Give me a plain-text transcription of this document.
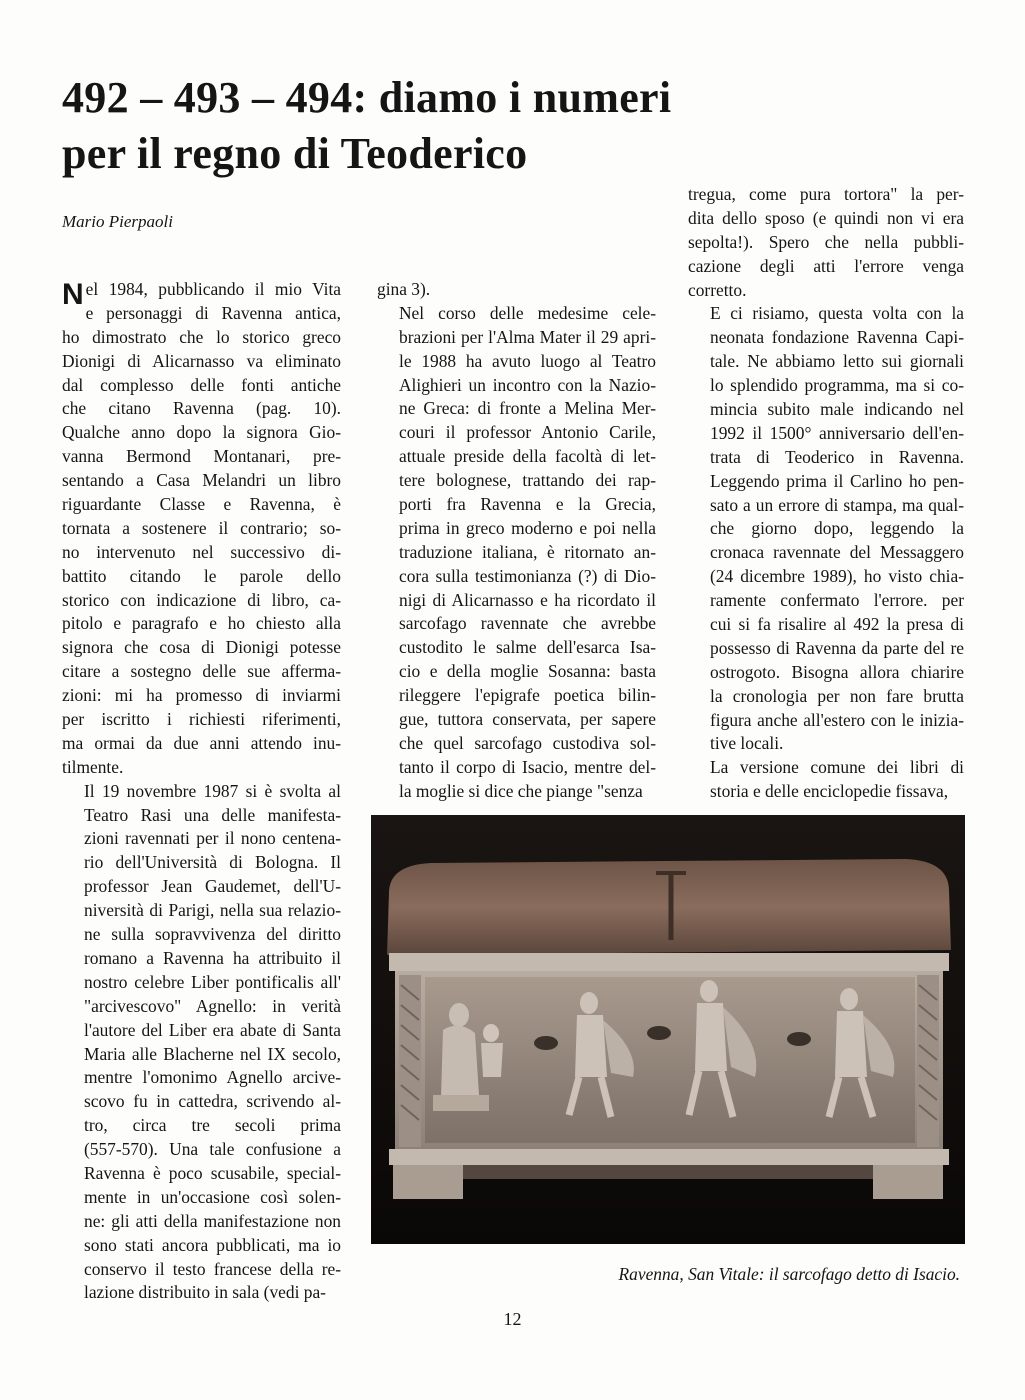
492 – 493 – 494: diamo i numeri
per il regno di Teoderico
Mario Pierpaoli

N el 1984, pubblicando il mio Vita
e personaggi di Ravenna antica,
ho dimostrato che lo storico greco
Dionigi di Alicarnasso va eliminato
dal complesso delle fonti antiche
che citano Ravenna (pag. 10).
Qualche anno dopo la signora Gio-
vanna Bermond Montanari, pre-
sentando a Casa Melandri un libro
riguardante Classe e Ravenna, è
tornata a sostenere il contrario; so-
no intervenuto nel successivo di-
battito citando le parole dello
storico con indicazione di libro, ca-
pitolo e paragrafo e ho chiesto alla
signora che cosa di Dionigi potesse
citare a sostegno delle sue afferma-
zioni: mi ha promesso di inviarmi
per iscritto i richiesti riferimenti,
ma ormai da due anni attendo inu-
tilmente.

Il 19 novembre 1987 si è svolta al
Teatro Rasi una delle manifesta-
zioni ravennati per il nono centena-
rio dell'Università di Bologna. Il
professor Jean Gaudemet, dell'U-
niversità di Parigi, nella sua relazio-
ne sulla sopravvivenza del diritto
romano a Ravenna ha attribuito il
nostro celebre Liber pontificalis all'
"arcivescovo" Agnello: in verità
l'autore del Liber era abate di Santa
Maria alle Blacherne nel IX secolo,
mentre l'omonimo Agnello arcive-
scovo fu in cattedra, scrivendo al-
tro, circa tre secoli prima
(557-570). Una tale confusione a
Ravenna è poco scusabile, special-
mente in un'occasione così solen-
ne: gli atti della manifestazione non
sono stati ancora pubblicati, ma io
conservo il testo francese della re-
lazione distribuito in sala (vedi pa-

gina 3).

Nel corso delle medesime cele-
brazioni per l'Alma Mater il 29 apri-
le 1988 ha avuto luogo al Teatro
Alighieri un incontro con la Nazio-
ne Greca: di fronte a Melina Mer-
couri il professor Antonio Carile,
attuale preside della facoltà di let-
tere bolognese, trattando dei rap-
porti fra Ravenna e la Grecia,
prima in greco moderno e poi nella
traduzione italiana, è ritornato an-
cora sulla testimonianza (?) di Dio-
nigi di Alicarnasso e ha ricordato il
sarcofago ravennate che avrebbe
custodito le salme dell'esarca Isa-
cio e della moglie Sosanna: basta
rileggere l'epigrafe poetica bilin-
gue, tuttora conservata, per sapere
che quel sarcofago custodiva sol-
tanto il corpo di Isacio, mentre del-
la moglie si dice che piange "senza

tregua, come pura tortora" la per-
dita dello sposo (e quindi non vi era
sepolta!). Spero che nella pubbli-
cazione degli atti l'errore venga
corretto.

E ci risiamo, questa volta con la
neonata fondazione Ravenna Capi-
tale. Ne abbiamo letto sui giornali
lo splendido programma, ma si co-
mincia subito male indicando nel
1992 il 1500° anniversario dell'en-
trata di Teoderico in Ravenna.
Leggendo prima il Carlino ho pen-
sato a un errore di stampa, ma qual-
che giorno dopo, leggendo la
cronaca ravennate del Messaggero
(24 dicembre 1989), ho visto chia-
ramente confermato l'errore. per
cui si fa risalire al 492 la presa di
possesso di Ravenna da parte del re
ostrogoto. Bisogna allora chiarire
la cronologia per non fare brutta
figura anche all'estero con le inizia-
tive locali.

La versione comune dei libri di
storia e delle enciclopedie fissava,

Ravenna, San Vitale: il sarcofago detto di Isacio.
12
